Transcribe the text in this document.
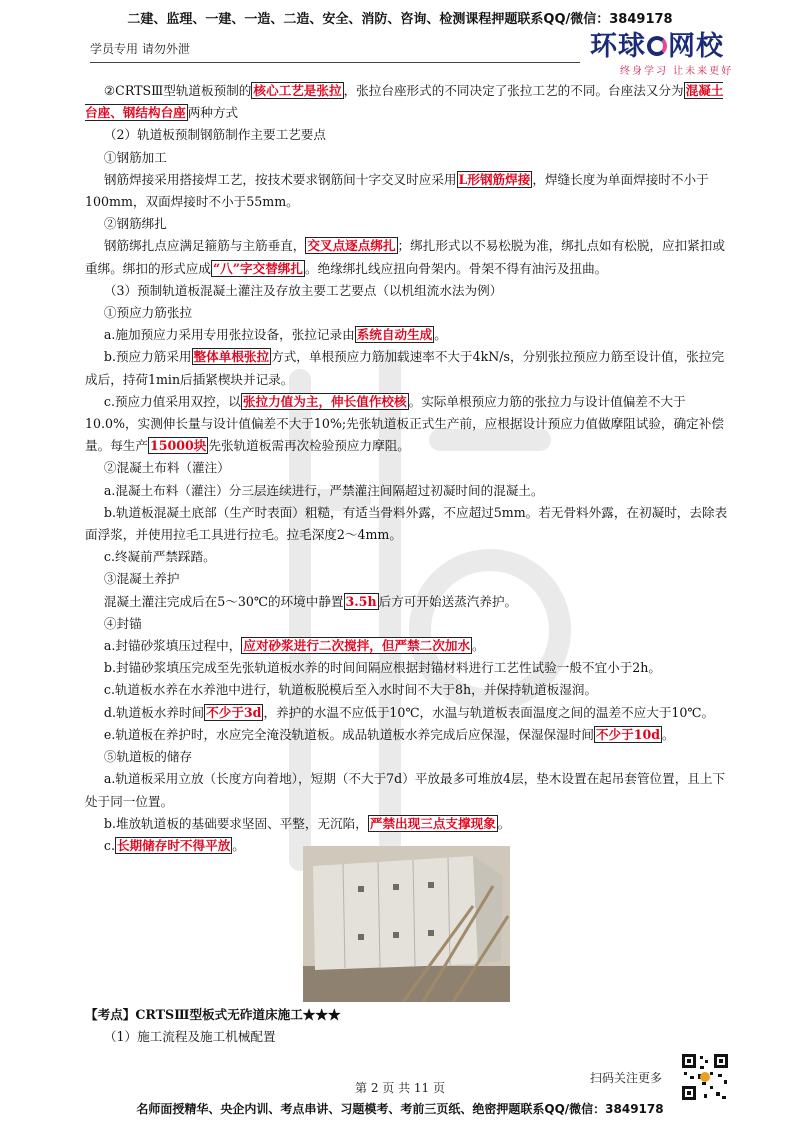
二建、监理、一建、一造、二造、安全、消防、咨询、检测课程押题联系QQ/微信：3849178
学员专用 请勿外泄	环球 网校
终身学习 让未来更好

②CRTSⅢ型轨道板预制的 核心工艺是张拉 ，张拉台座形式的不同决定了张拉工艺的不同。台座法又分为 混凝土台座、钢结构台座 两种方式

（2）轨道板预制钢筋制作主要工艺要点

①钢筋加工

钢筋焊接采用搭接焊工艺，按技术要求钢筋间十字交叉时应采用 L形钢筋焊接 ，焊缝长度为单面焊接时不小于100mm，双面焊接时不小于55mm。

②钢筋绑扎

钢筋绑扎点应满足箍筋与主筋垂直， 交叉点逐点绑扎 ；绑扎形式以不易松脱为准，绑扎点如有松脱，应扣紧扣或重绑。绑扣的形式应成 “八”字交替绑扎 。绝缘绑扎线应扭向骨架内。骨架不得有油污及扭曲。

（3）预制轨道板混凝土灌注及存放主要工艺要点（以机组流水法为例）

①预应力筋张拉

a.施加预应力采用专用张拉设备，张拉记录由 系统自动生成 。

b.预应力筋采用 整体单根张拉 方式，单根预应力筋加载速率不大于4kN/s，分别张拉预应力筋至设计值，张拉完成后，持荷1min后插紧楔块并记录。

c.预应力值采用双控，以 张拉力值为主，伸长值作校核 。实际单根预应力筋的张拉力与设计值偏差不大于10.0%，实测伸长量与设计值偏差不大于10%;先张轨道板正式生产前，应根据设计预应力值做摩阻试验，确定补偿量。每生产 15000块 先张轨道板需再次检验预应力摩阻。

②混凝土布料（灌注）

a.混凝土布料（灌注）分三层连续进行，严禁灌注间隔超过初凝时间的混凝土。

b.轨道板混凝土底部（生产时表面）粗糙，有适当骨料外露，不应超过5mm。若无骨料外露，在初凝时，去除表面浮浆，并使用拉毛工具进行拉毛。拉毛深度2～4mm。

c.终凝前严禁踩踏。

③混凝土养护

混凝土灌注完成后在5～30℃的环境中静置 3.5h 后方可开始送蒸汽养护。

④封锚

a.封锚砂浆填压过程中， 应对砂浆进行二次搅拌，但严禁二次加水 。

b.封锚砂浆填压完成至先张轨道板水养的时间间隔应根据封锚材料进行工艺性试验一般不宜小于2h。

c.轨道板水养在水养池中进行，轨道板脱模后至入水时间不大于8h，并保持轨道板湿润。

d.轨道板水养时间 不少于3d ，养护的水温不应低于10℃，水温与轨道板表面温度之间的温差不应大于10℃。

e.轨道板在养护时，水应完全淹没轨道板。成品轨道板水养完成后应保湿，保湿保湿时间 不少于10d 。

⑤轨道板的储存

a.轨道板采用立放（长度方向着地），短期（不大于7d）平放最多可堆放4层，垫木设置在起吊套管位置，且上下处于同一位置。

b.堆放轨道板的基础要求坚固、平整，无沉陷， 严禁出现三点支撑现象 。

c. 长期储存时不得平放 。

【考点】CRTSⅢ型板式无砟道床施工★★★

（1）施工流程及施工机械配置

扫码关注更多
第 2 页 共 11 页
名师面授精华、央企内训、考点串讲、习题模考、考前三页纸、绝密押题联系QQ/微信：3849178
